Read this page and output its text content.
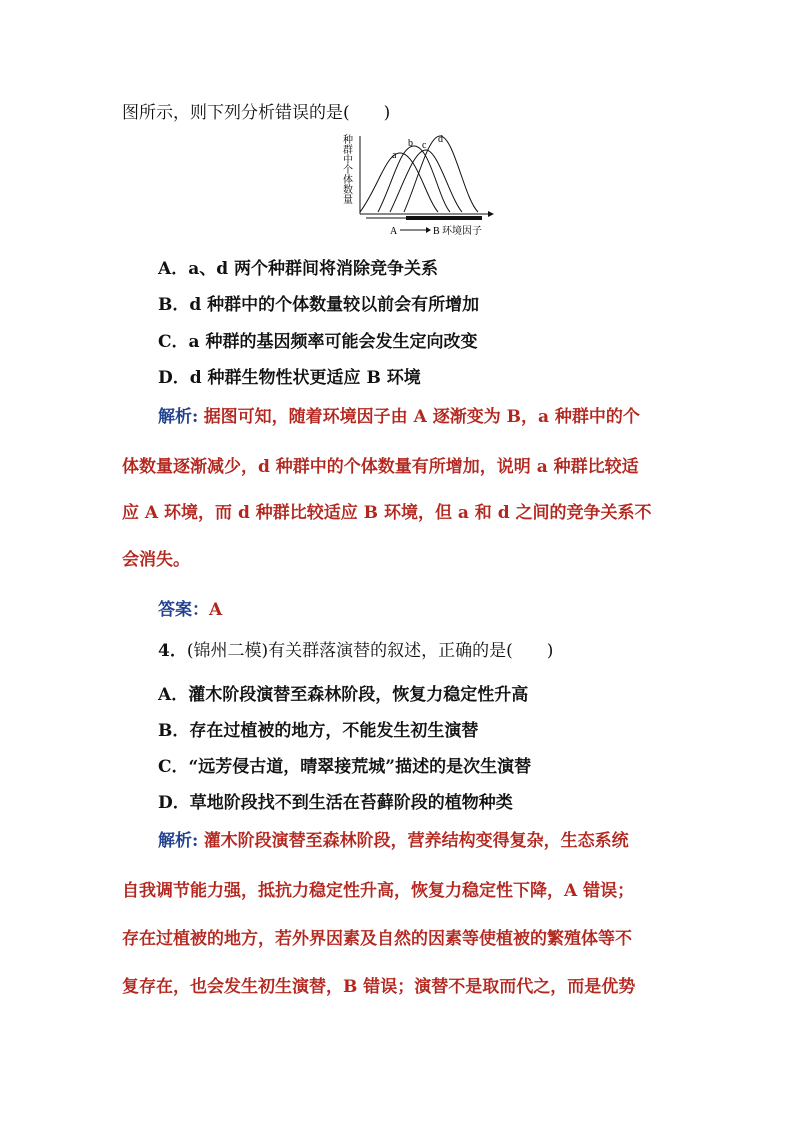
图所示，则下列分析错误的是(　　)
种群中个体数量	a
b c
d
A	B 环境因子
A．a、d 两个种群间将消除竞争关系
B．d 种群中的个体数量较以前会有所增加
C．a 种群的基因频率可能会发生定向改变
D．d 种群生物性状更适应 B 环境
解析: 据图可知，随着环境因子由 A 逐渐变为 B，a 种群中的个
体数量逐渐减少，d 种群中的个体数量有所增加，说明 a 种群比较适
应 A 环境，而 d 种群比较适应 B 环境，但 a 和 d 之间的竞争关系不
会消失。
答案：A
4．(锦州二模)有关群落演替的叙述，正确的是(　　)
A．灌木阶段演替至森林阶段，恢复力稳定性升高
B．存在过植被的地方，不能发生初生演替
C．“远芳侵古道，晴翠接荒城”描述的是次生演替
D．草地阶段找不到生活在苔藓阶段的植物种类
解析: 灌木阶段演替至森林阶段，营养结构变得复杂，生态系统
自我调节能力强，抵抗力稳定性升高，恢复力稳定性下降，A 错误；
存在过植被的地方，若外界因素及自然的因素等使植被的繁殖体等不
复存在，也会发生初生演替，B 错误；演替不是取而代之，而是优势
